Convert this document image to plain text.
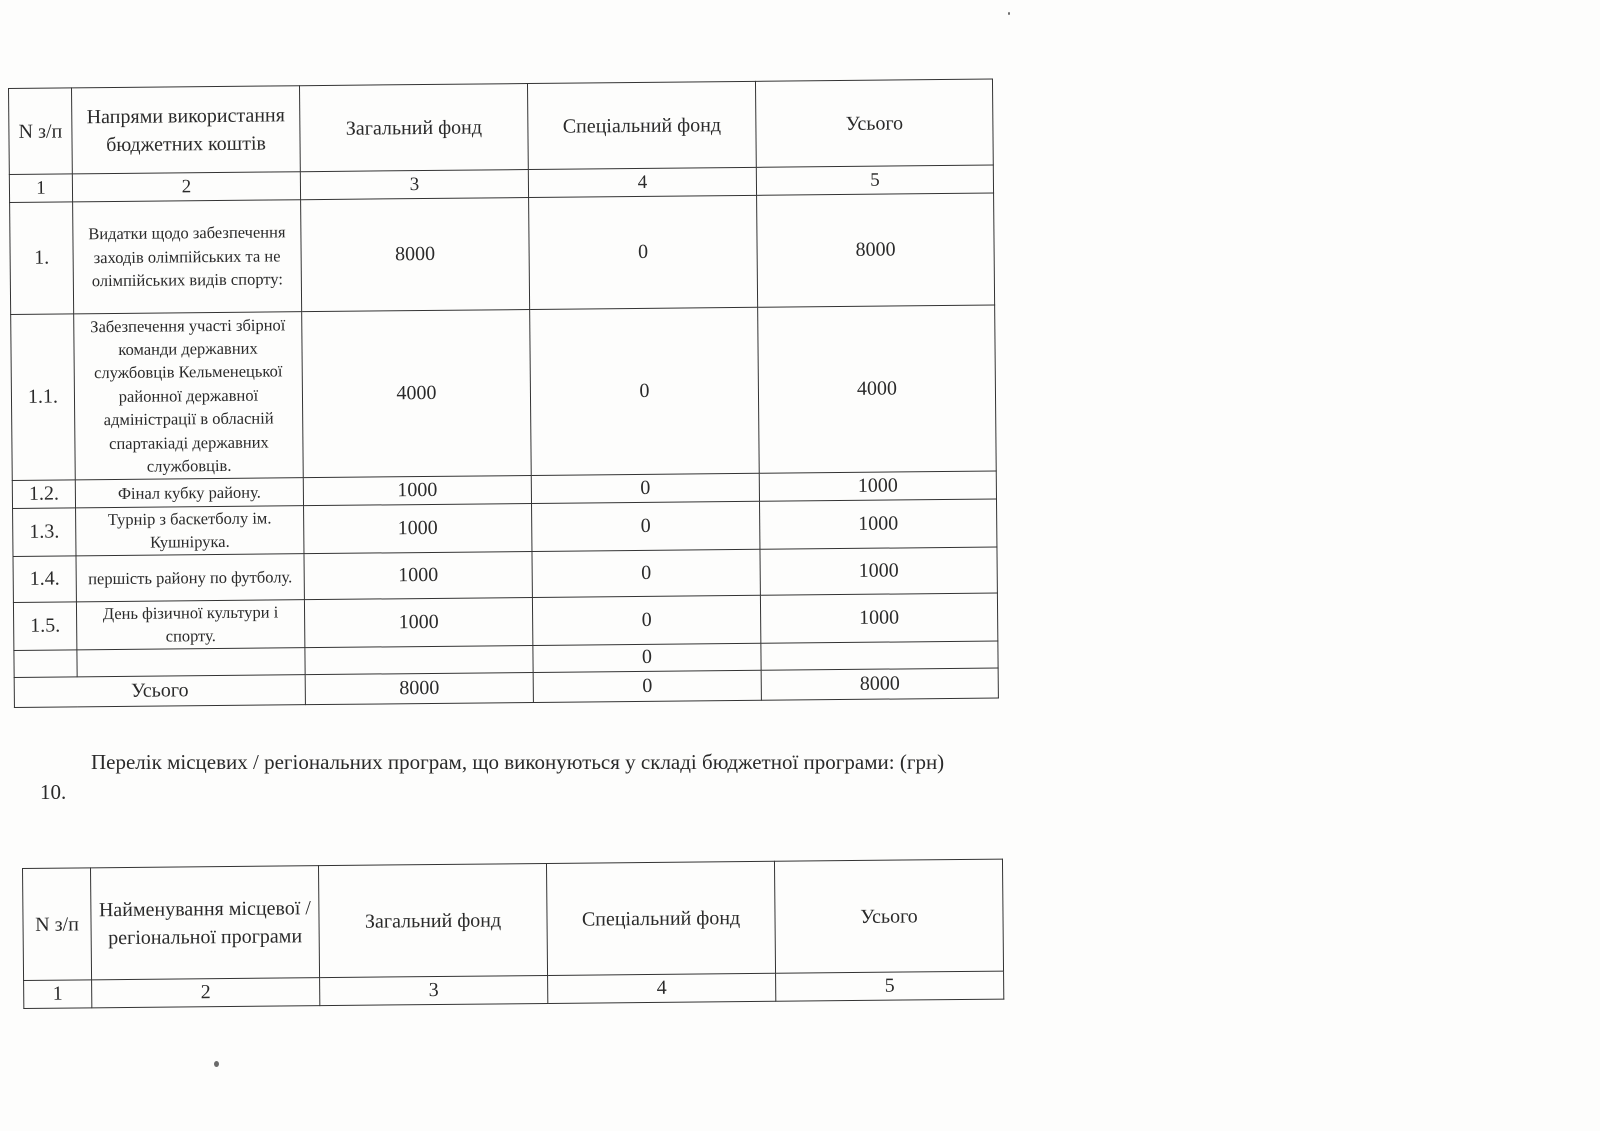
N з/п	Напрями використання бюджетних коштів	Загальний фонд	Спеціальний фонд	Усього
1	2	3	4	5
1.	Видатки щодо забезпечення заходів олімпійських та не олімпійських видів спорту:	8000	0	8000
1.1.	Забезпечення участі збірної команди державних службовців Кельменецької районної державної адміністрації в обласній спартакіаді державних службовців.	4000	0	4000
1.2.	Фінал кубку району.	1000	0	1000
1.3.	Турнір з баскетболу ім. Кушнірука.	1000	0	1000
1.4.	першість району по футболу.	1000	0	1000
1.5.	День фізичної культури і спорту.	1000	0	1000
			0	
Усього		8000	0	8000
10.
Перелік місцевих / регіональних програм, що виконуються у складі бюджетної програми: (грн)
N з/п	Найменування місцевої / регіональної програми	Загальний фонд	Спеціальний фонд	Усього
1	2	3	4	5
